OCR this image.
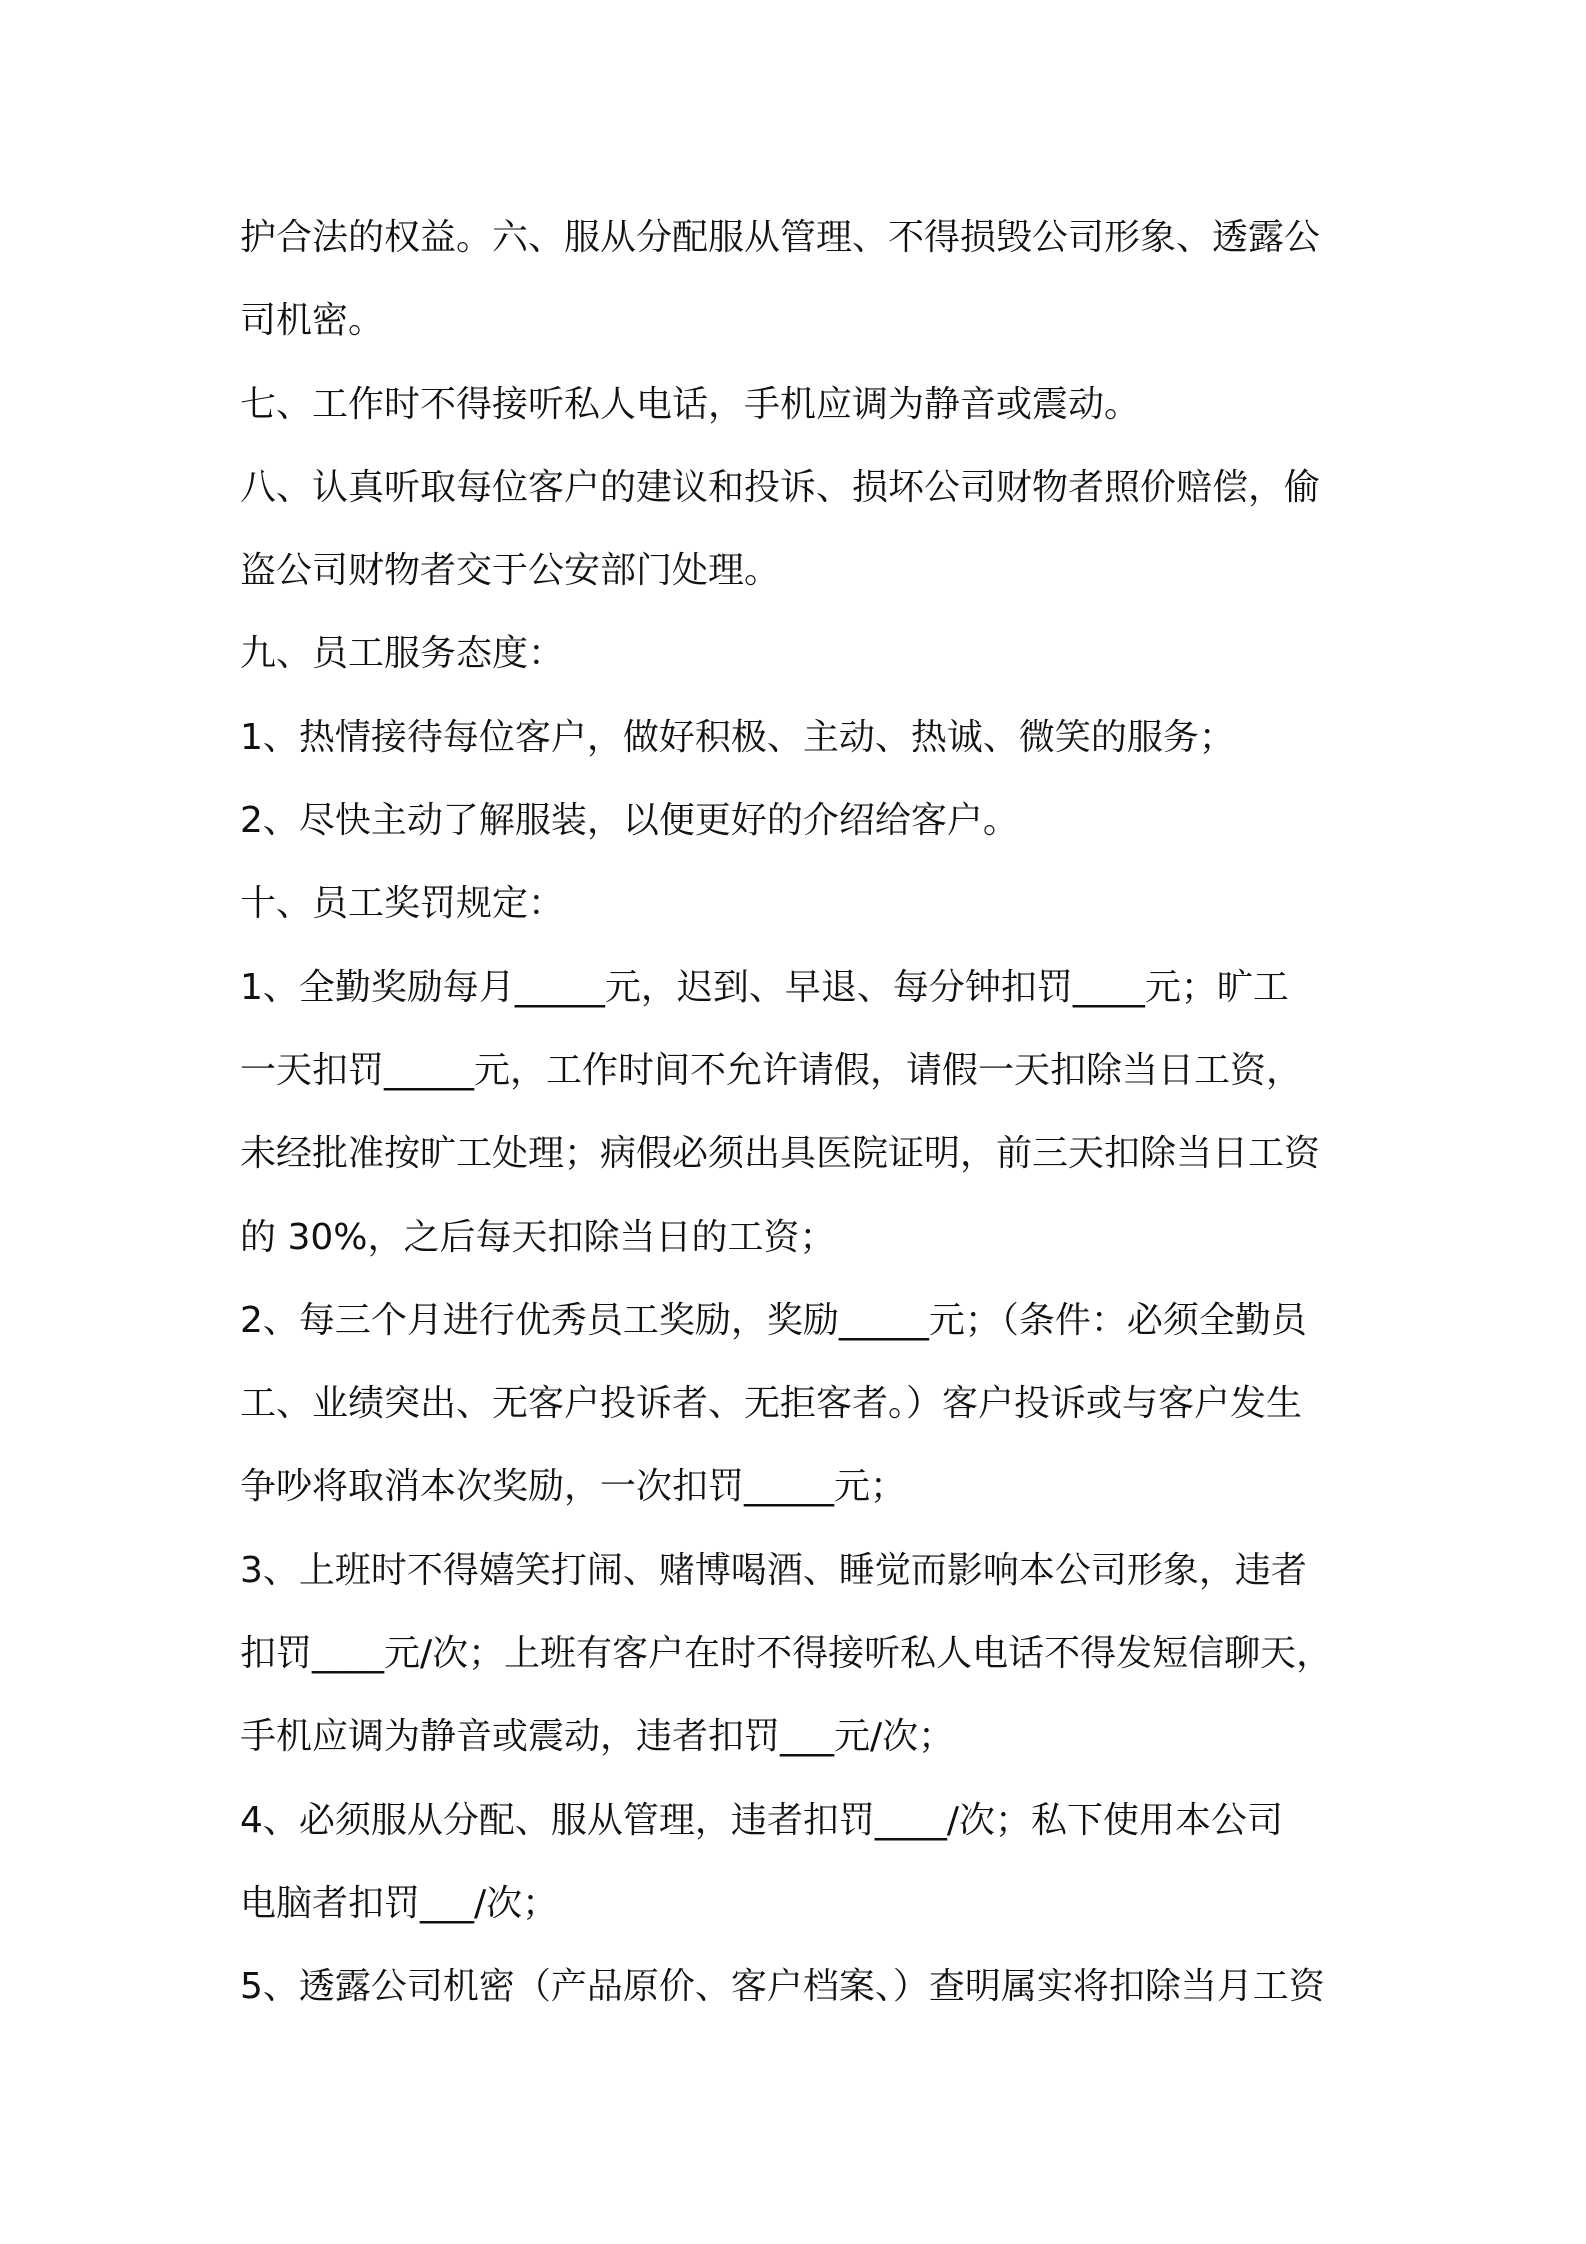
护合法的权益。六、服从分配服从管理、不得损毁公司形象、透露公
司机密。
七、工作时不得接听私人电话，手机应调为静音或震动。
八、认真听取每位客户的建议和投诉、损坏公司财物者照价赔偿，偷
盗公司财物者交于公安部门处理。
九、员工服务态度：
1、热情接待每位客户，做好积极、主动、热诚、微笑的服务；
2、尽快主动了解服装，以便更好的介绍给客户。
十、员工奖罚规定：
1、全勤奖励每月_____元，迟到、早退、每分钟扣罚____元；旷工
一天扣罚_____元，工作时间不允许请假，请假一天扣除当日工资，
未经批准按旷工处理；病假必须出具医院证明，前三天扣除当日工资
的 30%，之后每天扣除当日的工资；
2、每三个月进行优秀员工奖励，奖励_____元；（条件：必须全勤员
工、业绩突出、无客户投诉者、无拒客者。）客户投诉或与客户发生
争吵将取消本次奖励，一次扣罚_____元；
3、上班时不得嬉笑打闹、赌博喝酒、睡觉而影响本公司形象，违者
扣罚____元/次；上班有客户在时不得接听私人电话不得发短信聊天，
手机应调为静音或震动，违者扣罚___元/次；
4、必须服从分配、服从管理，违者扣罚____/次；私下使用本公司
电脑者扣罚___/次；
5、透露公司机密（产品原价、客户档案、）查明属实将扣除当月工资
